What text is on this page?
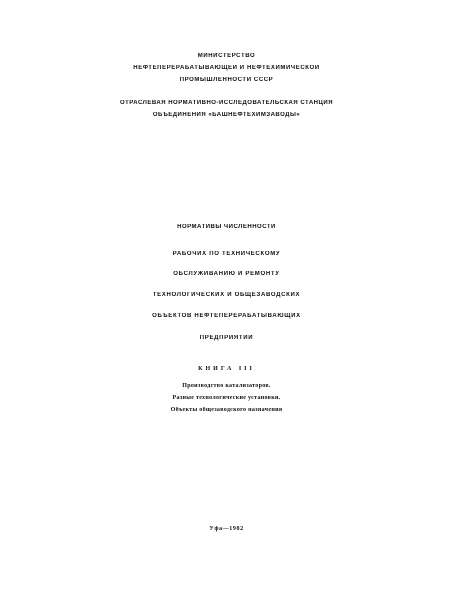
МИНИСТЕРСТВО
НЕФТЕПЕРЕРАБАТЫВАЮЩЕЙ И НЕФТЕХИМИЧЕСКОЙ
ПРОМЫШЛЕННОСТИ СССР
ОТРАСЛЕВАЯ НОРМАТИВНО-ИССЛЕДОВАТЕЛЬСКАЯ СТАНЦИЯ
ОБЪЕДИНЕНИЯ «БАШНЕФТЕХИМЗАВОДЫ»
НОРМАТИВЫ ЧИСЛЕННОСТИ
РАБОЧИХ ПО ТЕХНИЧЕСКОМУ
ОБСЛУЖИВАНИЮ И РЕМОНТУ
ТЕХНОЛОГИЧЕСКИХ И ОБЩЕЗАВОДСКИХ
ОБЪЕКТОВ НЕФТЕПЕРЕРАБАТЫВАЮЩИХ
ПРЕДПРИЯТИЙ
КНИГА III
Производство катализаторов.
Разные технологические установки.
Объекты общезаводского назначения
Уфа—1982
